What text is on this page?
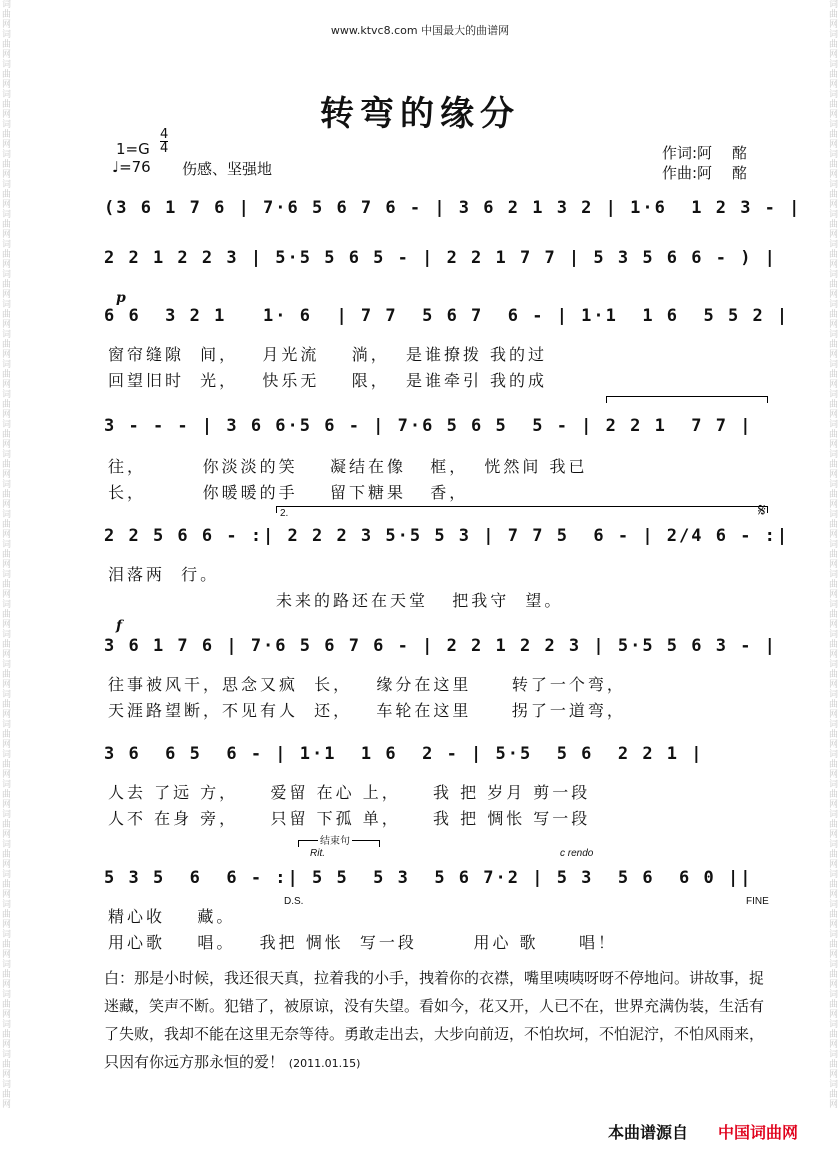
www.ktvc8.com 中国最大的曲谱网
词曲网词曲网词曲网词曲网词曲网词曲网词曲网词曲网词曲网词曲网词曲网词曲网词曲网词曲网词曲网词曲网词曲网词曲网词曲网词曲网词曲网词曲网词曲网词曲网词曲网词曲网词曲网词曲网词曲网词曲网词曲网词曲网词曲网词曲网词曲网词曲网词曲网
词曲网词曲网词曲网词曲网词曲网词曲网词曲网词曲网词曲网词曲网词曲网词曲网词曲网词曲网词曲网词曲网词曲网词曲网词曲网词曲网词曲网词曲网词曲网词曲网词曲网词曲网词曲网词曲网词曲网词曲网词曲网词曲网词曲网词曲网词曲网词曲网词曲网
转弯的缘分
1=G
4
4
♩=76 伤感、坚强地
作词:阿　 酩
作曲:阿　 酩
(3 6 1 7 6 | 7·6 5 6 7 6 - | 3 6 2 1 3 2 | 1·6  1 2 3 - |
2 2 1 2 2 3 | 5·5 5 6 5 - | 2 2 1 7 7 | 5 3 5 6 6 - ) |
p
6 6  3 2 1   1· 6  | 7 7  5 6 7  6 - | 1·1  1 6  5 5 2 |
窗帘缝隙  间，   月光流    淌，  是谁撩拨 我的过
回望旧时  光，   快乐无    限，  是谁牵引 我的成
3 - - - | 3 6 6·5 6 - | 7·6 5 6 5  5 - | 2 2 1  7 7 |
往，       你淡淡的笑    凝结在像   框，  恍然间 我已
长，       你暖暖的手    留下糖果   香，
2.	𝄋
2 2 5 6 6 - :| 2 2 2 3 5·5 5 3 | 7 7 5  6 - | 2/4 6 - :|
泪落两  行。
未来的路还在天堂   把我守  望。
f
3 6 1 7 6 | 7·6 5 6 7 6 - | 2 2 1 2 2 3 | 5·5 5 6 3 - |
往事被风干，思念又疯  长，   缘分在这里     转了一个弯，
天涯路望断，不见有人  还，   车轮在这里     拐了一道弯，
3 6  6 5  6 - | 1·1  1 6  2 - | 5·5  5 6  2 2 1 |
人去 了远 方，    爱留 在心 上，    我 把 岁月 剪一段
人不 在身 旁，    只留 下孤 单，    我 把 惆怅 写一段
结束句
Rit.	c rendo
5 3 5  6  6 - :| 5 5  5 3  5 6 7·2 | 5 3  5 6  6 0 ||
D.S.	FINE
精心收    藏。
用心歌    唱。   我把 惆怅  写一段       用心 歌     唱！
白：那是小时候，我还很天真，拉着我的小手，拽着你的衣襟，嘴里咦咦呀呀不停地问。讲故事，捉迷藏，笑声不断。犯错了，被原谅，没有失望。看如今，花又开，人已不在，世界充满伪装，生活有了失败，我却不能在这里无奈等待。勇敢走出去，大步向前迈，不怕坎坷，不怕泥泞，不怕风雨来，只因有你远方那永恒的爱！ (2011.01.15)
本曲谱源自 中国词曲网
